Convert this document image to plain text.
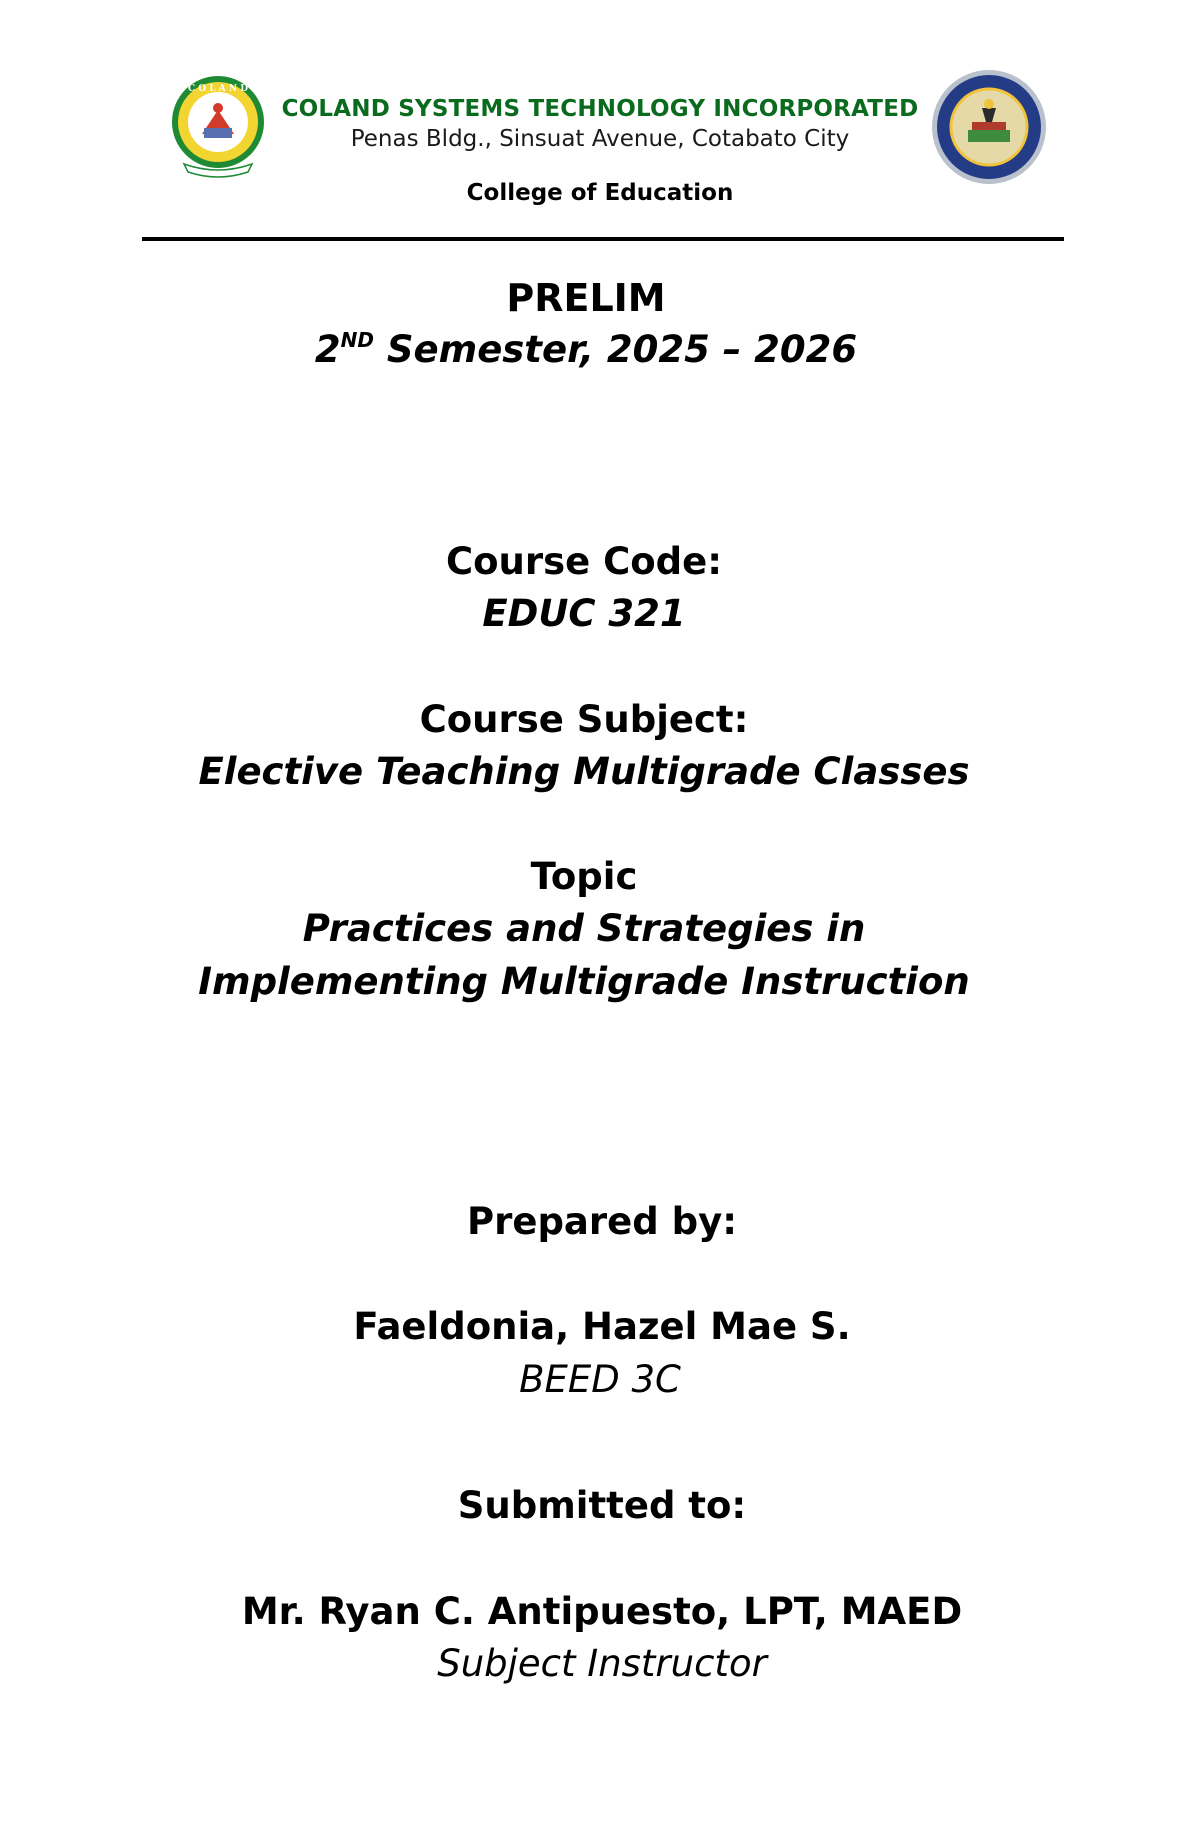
C O L A N D
COLAND SYSTEMS TECHNOLOGY INCORPORATED
Penas Bldg., Sinsuat Avenue, Cotabato City
College of Education
PRELIM
2ND Semester, 2025 – 2026
Course Code:
EDUC 321
Course Subject:
Elective Teaching Multigrade Classes
Topic
Practices and Strategies in
Implementing Multigrade Instruction
Prepared by:
Faeldonia, Hazel Mae S.
BEED 3C
Submitted to:
Mr. Ryan C. Antipuesto, LPT, MAED
Subject Instructor
